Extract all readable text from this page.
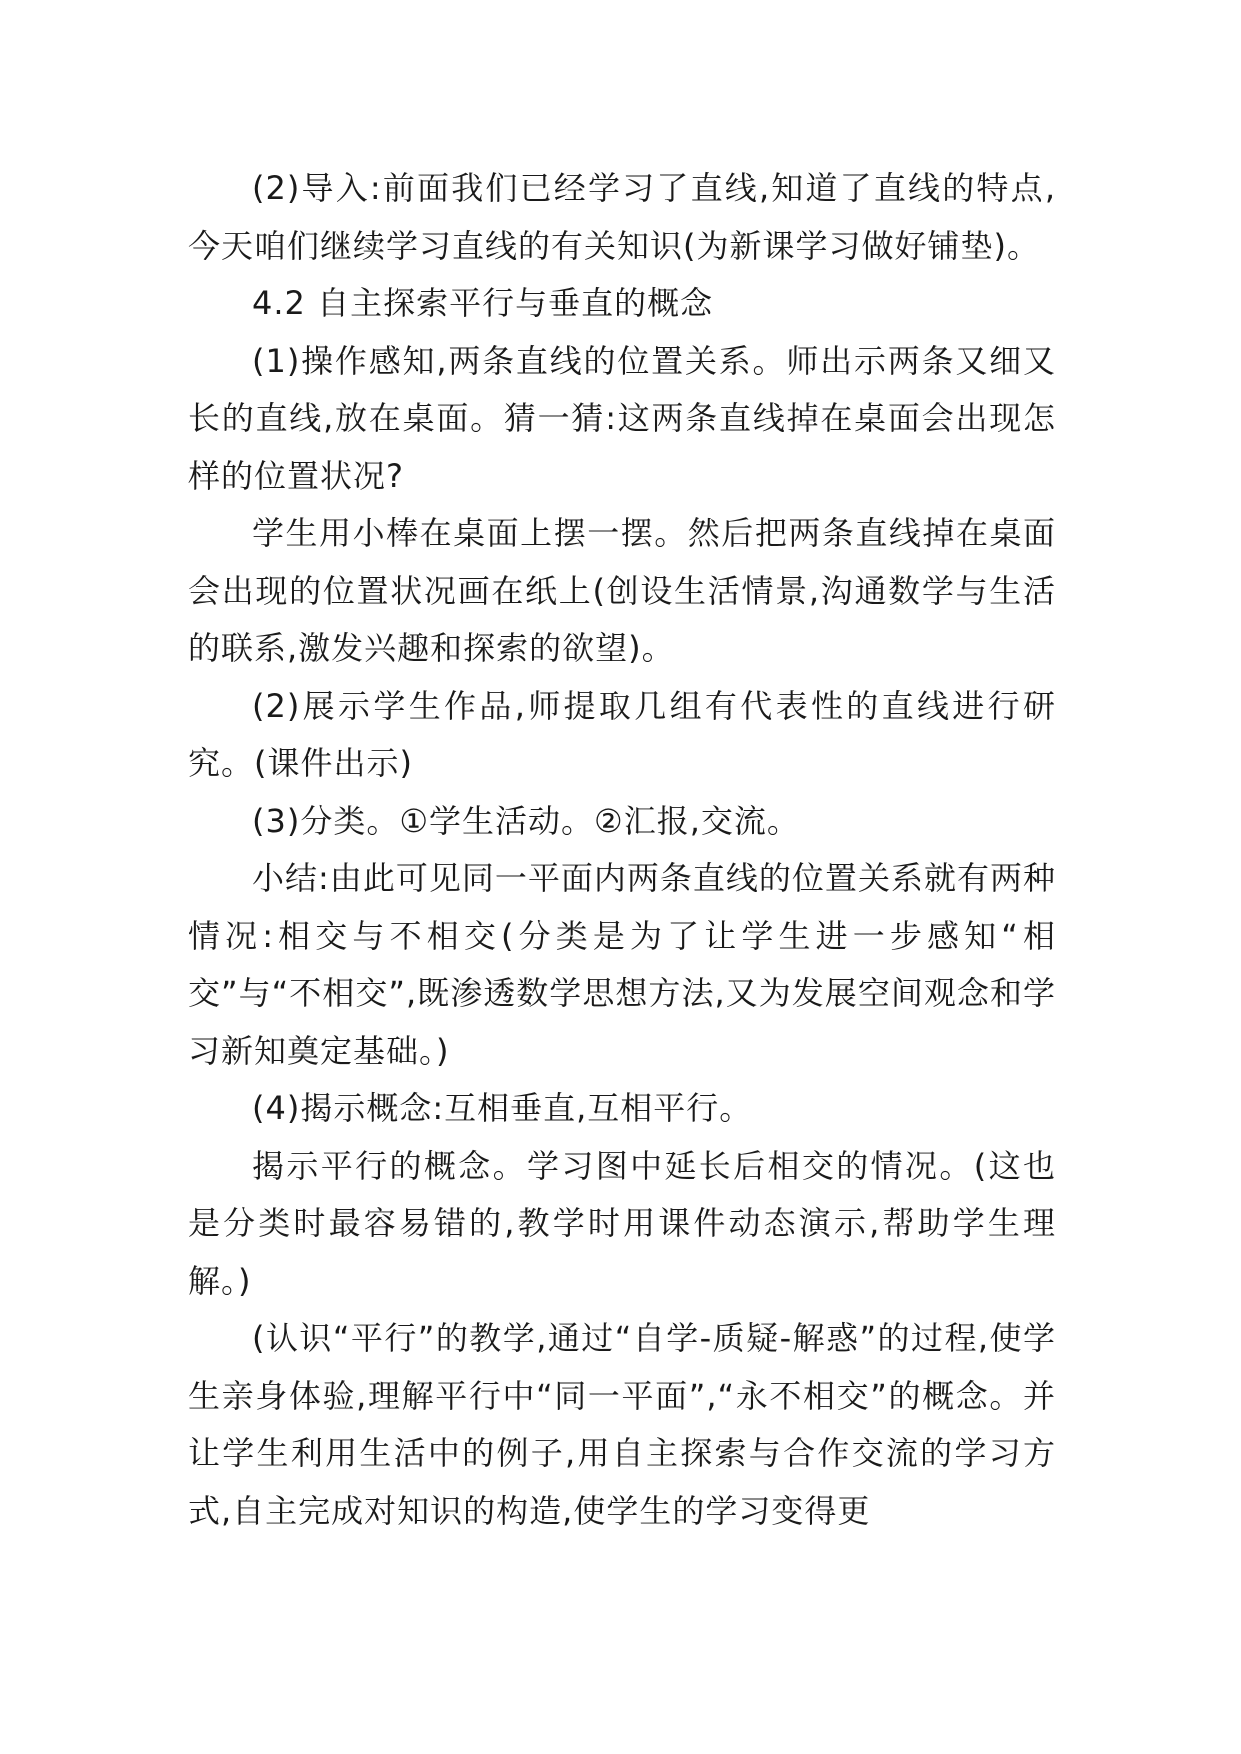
(2)导入:前面我们已经学习了直线,知道了直线的特点,今天咱们继续学习直线的有关知识(为新课学习做好铺垫)。

4.2 自主探索平行与垂直的概念

(1)操作感知,两条直线的位置关系。师出示两条又细又长的直线,放在桌面。猜一猜:这两条直线掉在桌面会出现怎样的位置状况?

学生用小棒在桌面上摆一摆。然后把两条直线掉在桌面会出现的位置状况画在纸上(创设生活情景,沟通数学与生活的联系,激发兴趣和探索的欲望)。

(2)展示学生作品,师提取几组有代表性的直线进行研究。(课件出示)

(3)分类。①学生活动。②汇报,交流。

小结:由此可见同一平面内两条直线的位置关系就有两种情况:相交与不相交(分类是为了让学生进一步感知“相交”与“不相交”,既渗透数学思想方法,又为发展空间观念和学习新知奠定基础。)

(4)揭示概念:互相垂直,互相平行。

揭示平行的概念。学习图中延长后相交的情况。(这也是分类时最容易错的,教学时用课件动态演示,帮助学生理解。)

(认识“平行”的教学,通过“自学-质疑-解惑”的过程,使学生亲身体验,理解平行中“同一平面”,“永不相交”的概念。并让学生利用生活中的例子,用自主探索与合作交流的学习方式,自主完成对知识的构造,使学生的学习变得更
